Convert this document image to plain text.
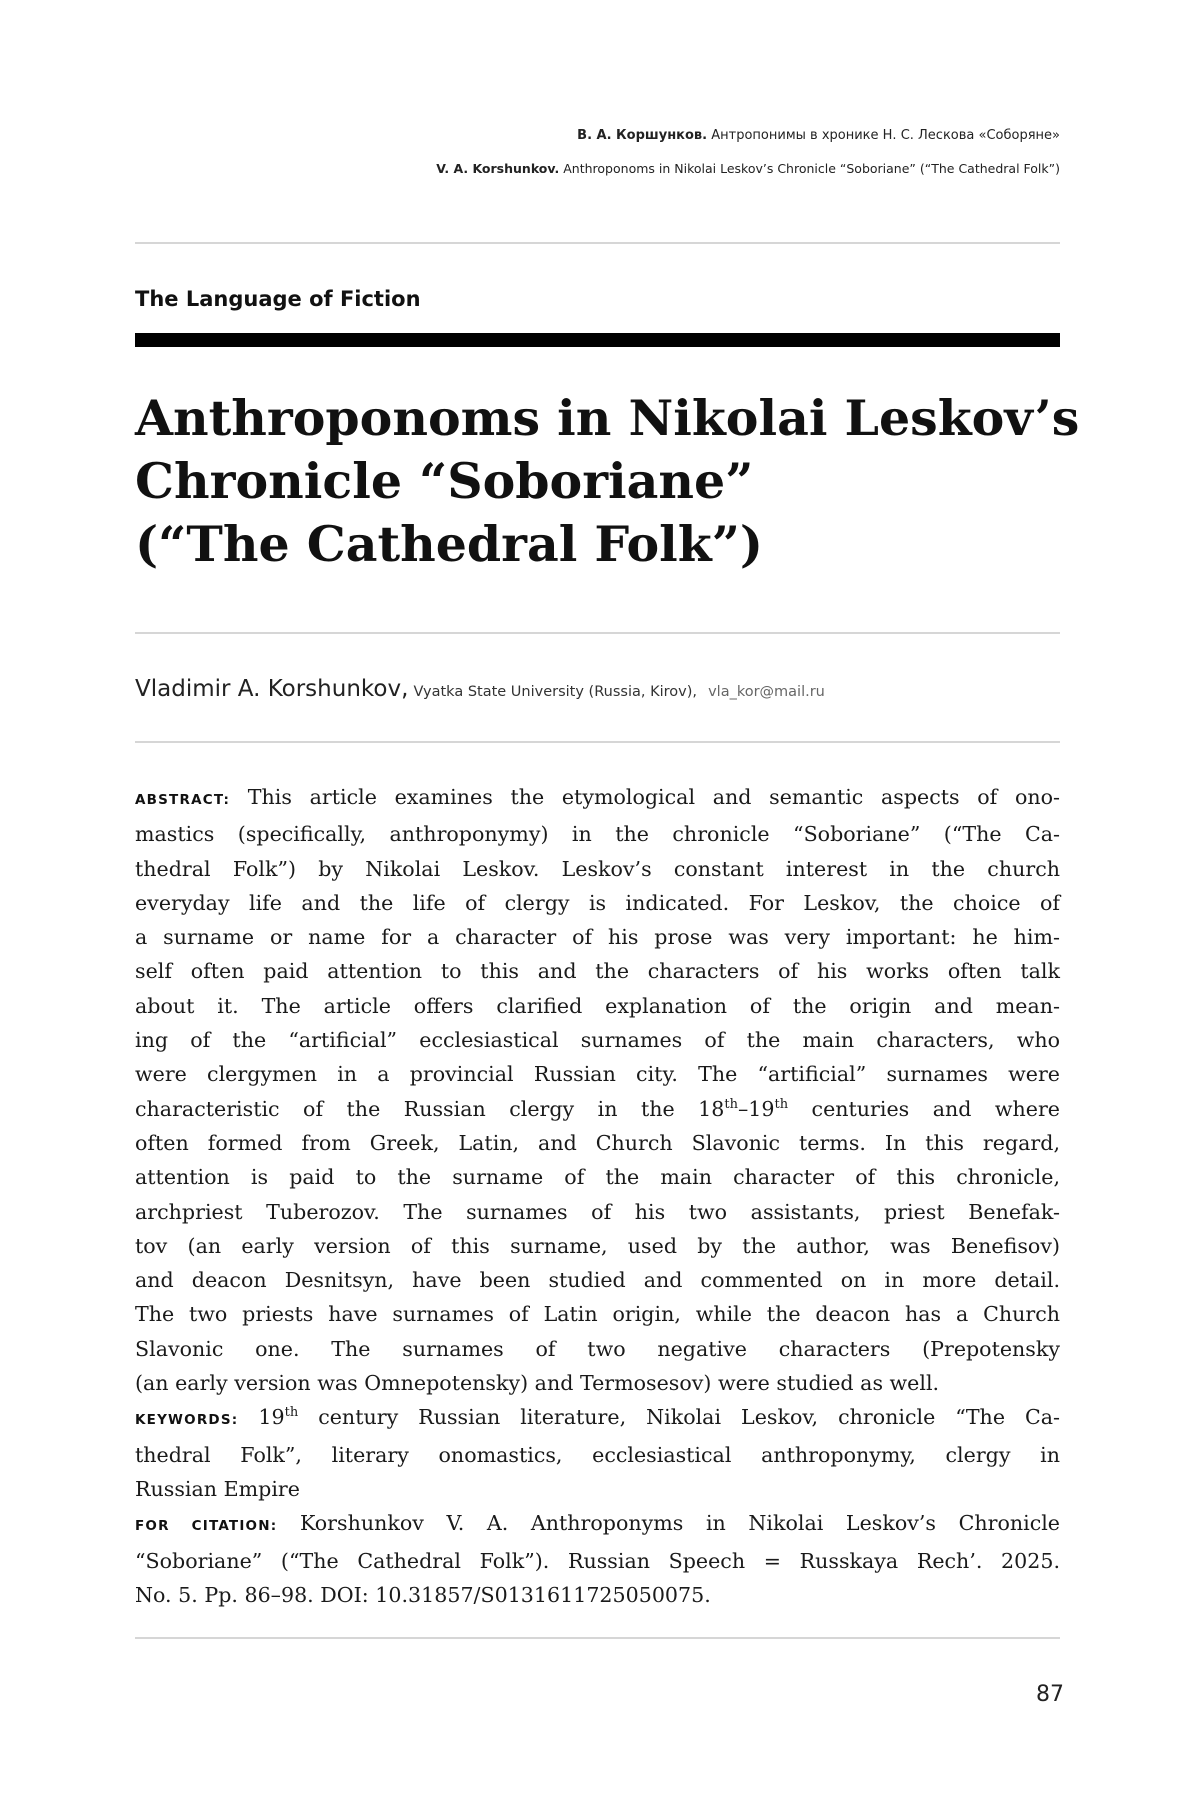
В. А. Коршунков. Антропонимы в хронике Н. С. Лескова «Соборяне»
V. A. Korshunkov. Anthroponoms in Nikolai Leskov’s Chronicle “Soboriane” (“The Cathedral Folk”)
The Language of Fiction
Anthroponoms in Nikolai Leskov’s
Chronicle “Soboriane”
(“The Cathedral Folk”)
Vladimir A. Korshunkov, Vyatka State University (Russia, Kirov), vla_kor@mail.ru

ABSTRACT: This article examines the etymological and semantic aspects of ono-
mastics (specifically, anthroponymy) in the chronicle “Soboriane” (“The Ca-
thedral Folk”) by Nikolai Leskov. Leskov’s constant interest in the church
everyday life and the life of clergy is indicated. For Leskov, the choice of
a surname or name for a character of his prose was very important: he him-
self often paid attention to this and the characters of his works often talk
about it. The article offers clarified explanation of the origin and mean-
ing of the “artificial” ecclesiastical surnames of the main characters, who
were clergymen in a provincial Russian city. The “artificial” surnames were
characteristic of the Russian clergy in the 18th–19th centuries and where
often formed from Greek, Latin, and Church Slavonic terms. In this regard,
attention is paid to the surname of the main character of this chronicle,
archpriest Tuberozov. The surnames of his two assistants, priest Benefak-
tov (an early version of this surname, used by the author, was Benefisov)
and deacon Desnitsyn, have been studied and commented on in more detail.
The two priests have surnames of Latin origin, while the deacon has a Church
Slavonic one. The surnames of two negative characters (Prepotensky
(an early version was Omnepotensky) and Termosesov) were studied as well.

KEYWORDS: 19th century Russian literature, Nikolai Leskov, chronicle “The Ca-
thedral Folk”, literary onomastics, ecclesiastical anthroponymy, clergy in
Russian Empire

FOR CITATION: Korshunkov V. A. Anthroponyms in Nikolai Leskov’s Chronicle
“Soboriane” (“The Cathedral Folk”). Russian Speech = Russkaya Rech’. 2025.
No. 5. Pp. 86–98. DOI: 10.31857/S0131611725050075.

87
